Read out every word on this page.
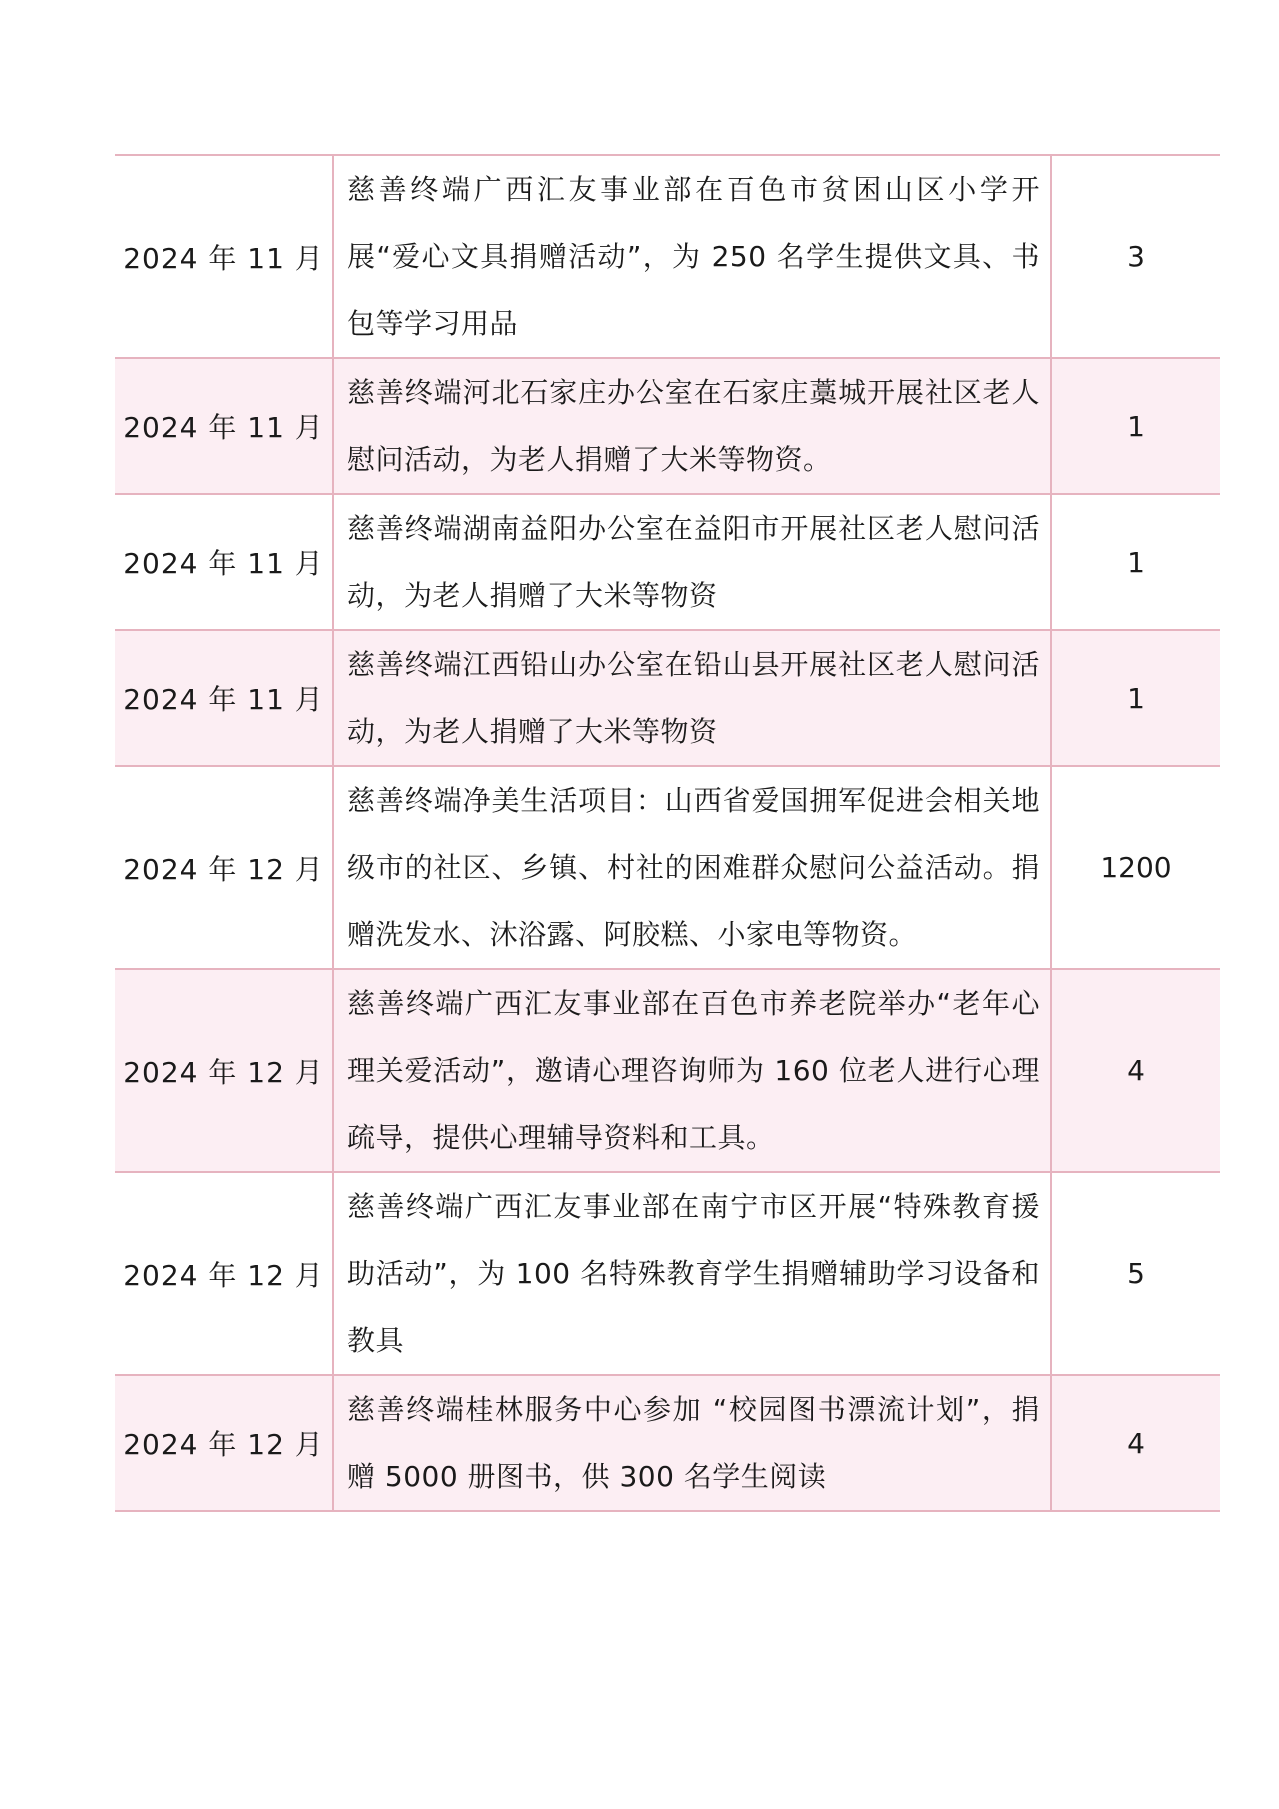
2024 年 11 月	慈善终端广西汇友事业部在百色市贫困山区小学开展“爱心文具捐赠活动”，为 250 名学生提供文具、书包等学习用品	3
2024 年 11 月	慈善终端河北石家庄办公室在石家庄藁城开展社区老人慰问活动，为老人捐赠了大米等物资。	1
2024 年 11 月	慈善终端湖南益阳办公室在益阳市开展社区老人慰问活动，为老人捐赠了大米等物资	1
2024 年 11 月	慈善终端江西铅山办公室在铅山县开展社区老人慰问活动，为老人捐赠了大米等物资	1
2024 年 12 月	慈善终端净美生活项目：山西省爱国拥军促进会相关地级市的社区、乡镇、村社的困难群众慰问公益活动。捐赠洗发水、沐浴露、阿胶糕、小家电等物资。	1200
2024 年 12 月	慈善终端广西汇友事业部在百色市养老院举办“老年心理关爱活动”，邀请心理咨询师为 160 位老人进行心理疏导，提供心理辅导资料和工具。	4
2024 年 12 月	慈善终端广西汇友事业部在南宁市区开展“特殊教育援助活动”，为 100 名特殊教育学生捐赠辅助学习设备和教具	5
2024 年 12 月	慈善终端桂林服务中心参加 “校园图书漂流计划”，捐赠 5000 册图书，供 300 名学生阅读	4
